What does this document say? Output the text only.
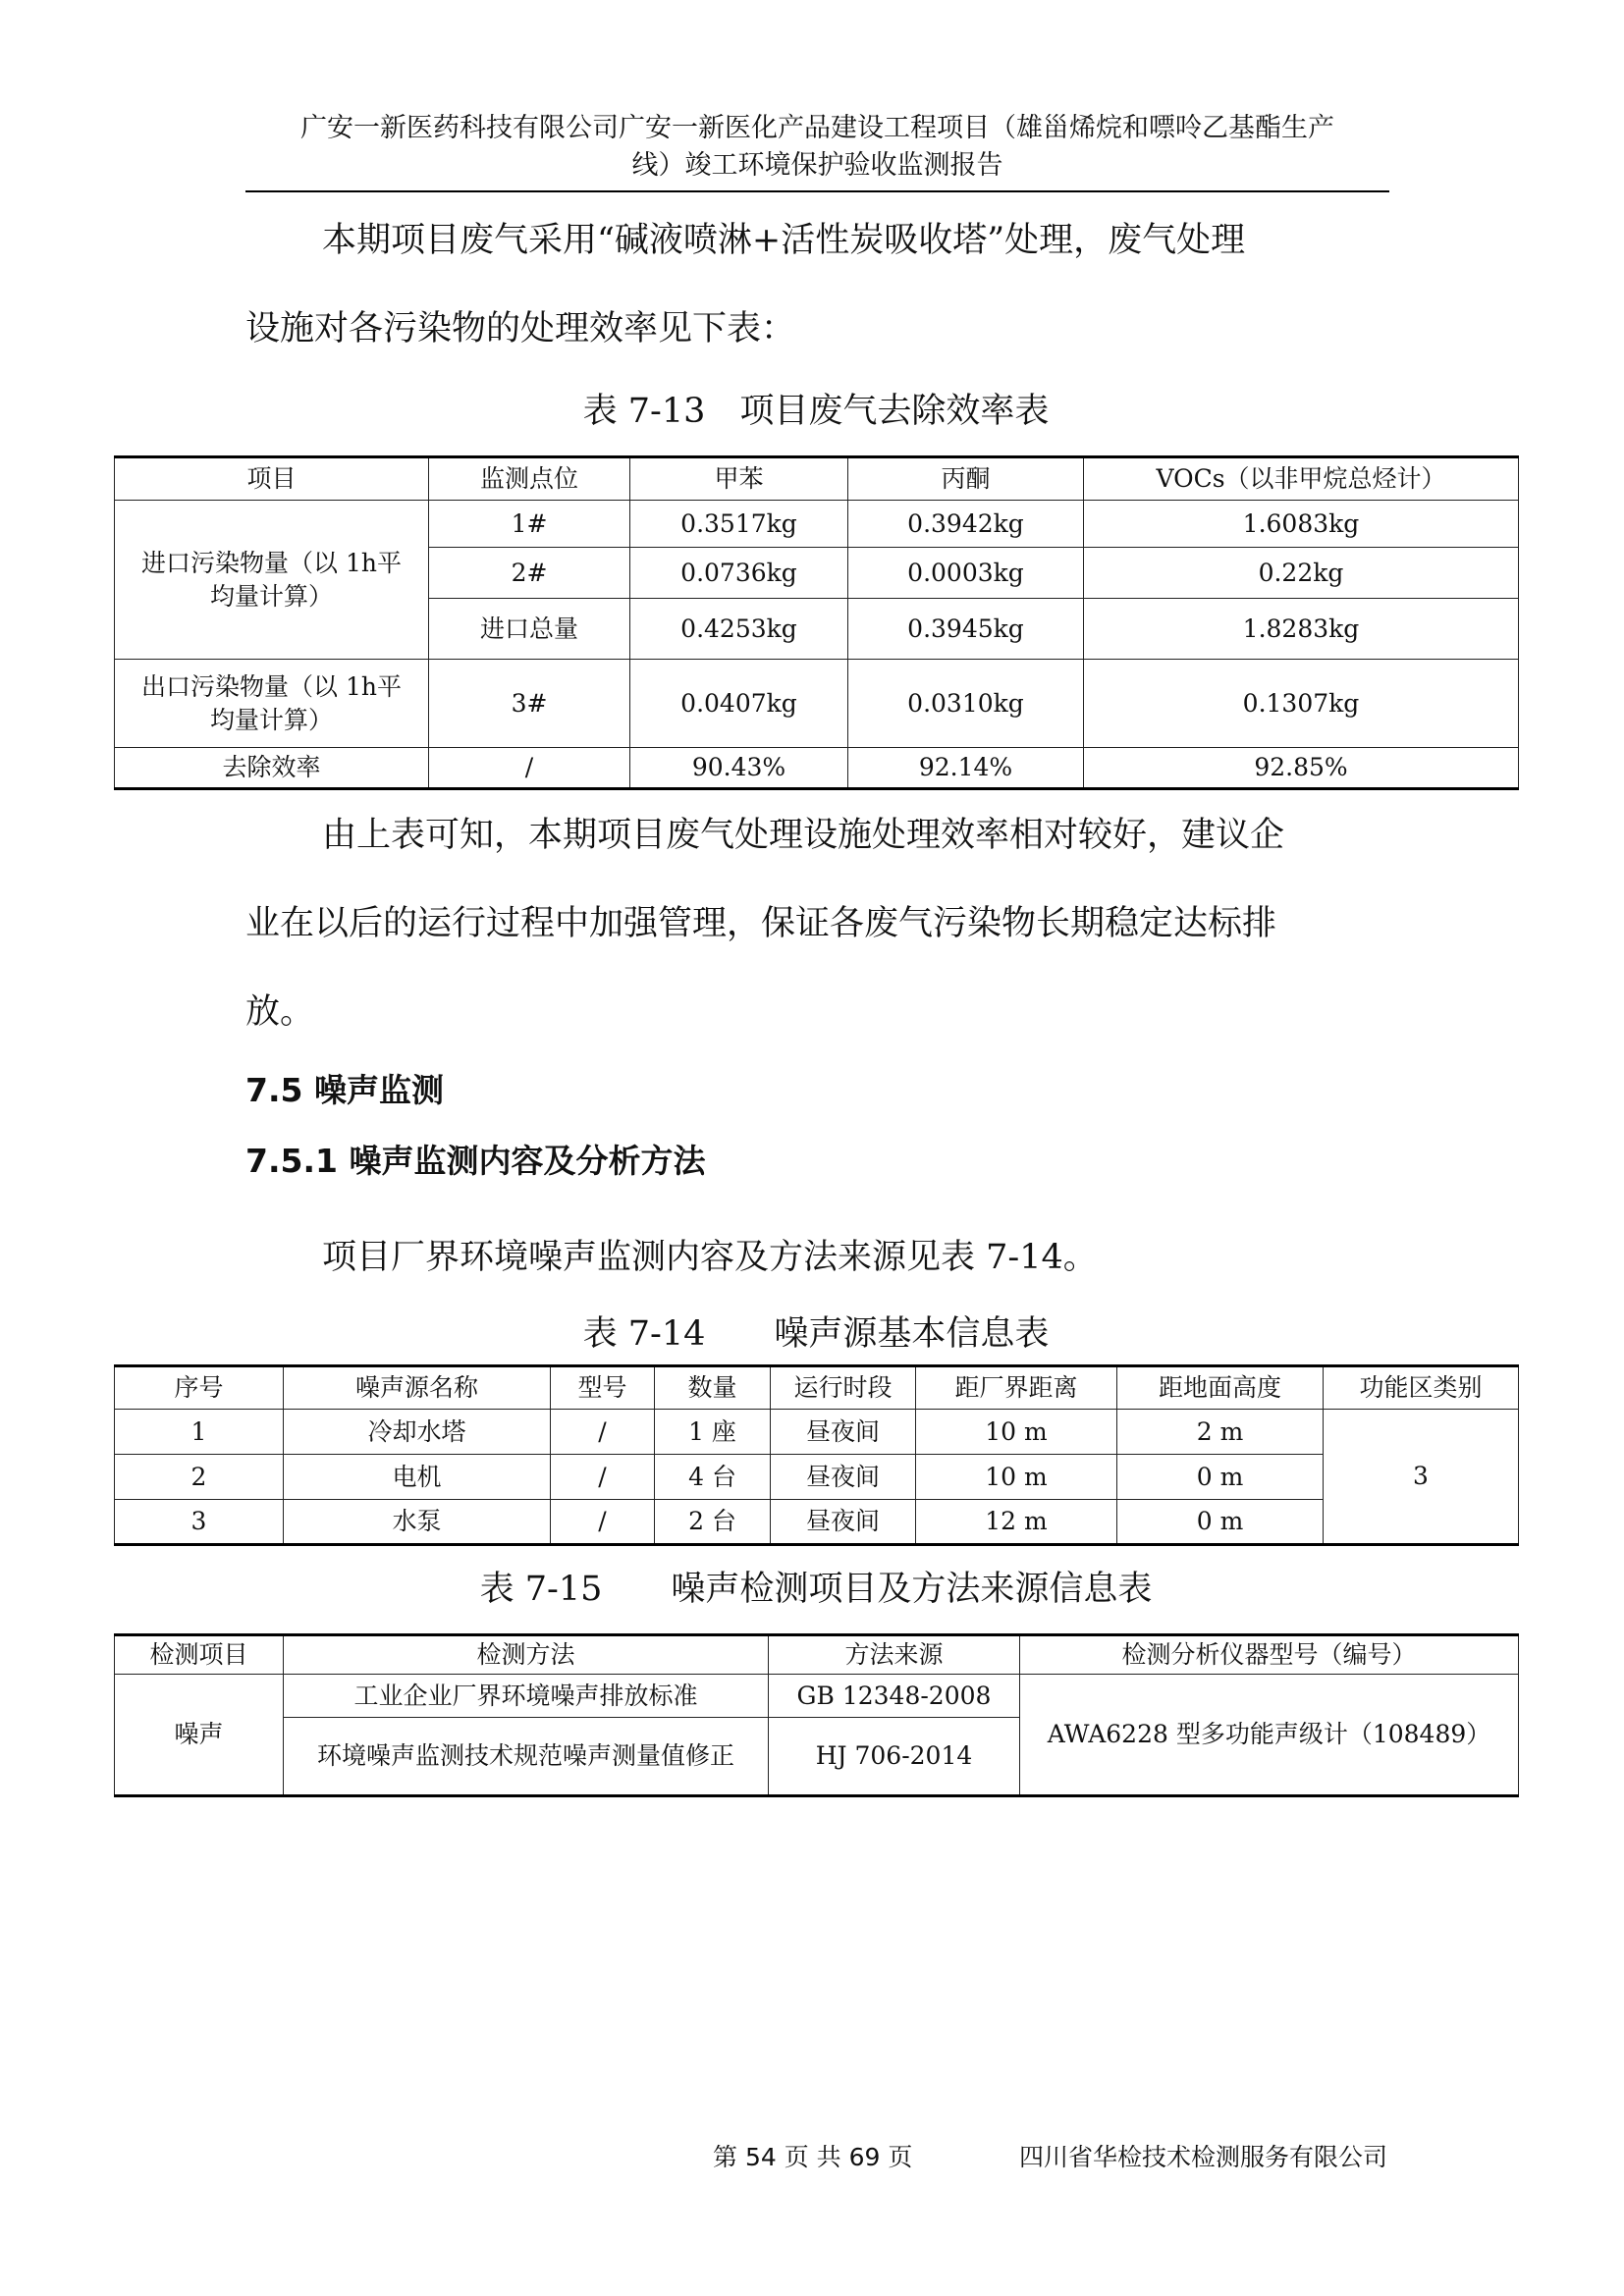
广安一新医药科技有限公司广安一新医化产品建设工程项目（雄甾烯烷和嘌呤乙基酯生产
线）竣工环境保护验收监测报告

本期项目废气采用“碱液喷淋+活性炭吸收塔”处理，废气处理
设施对各污染物的处理效率见下表：

表 7-13　项目废气去除效率表
项目	监测点位	甲苯	丙酮	VOCs（以非甲烷总烃计）
进口污染物量（以 1h平均量计算）	1#	0.3517kg	0.3942kg	1.6083kg
	2#	0.0736kg	0.0003kg	0.22kg
	进口总量	0.4253kg	0.3945kg	1.8283kg
出口污染物量（以 1h平均量计算）	3#	0.0407kg	0.0310kg	0.1307kg
去除效率	/	90.43%	92.14%	92.85%

由上表可知，本期项目废气处理设施处理效率相对较好，建议企
业在以后的运行过程中加强管理，保证各废气污染物长期稳定达标排
放。

7.5 噪声监测
7.5.1 噪声监测内容及分析方法

项目厂界环境噪声监测内容及方法来源见表 7-14。

表 7-14　　噪声源基本信息表
序号	噪声源名称	型号	数量	运行时段	距厂界距离	距地面高度	功能区类别
1	冷却水塔	/	1 座	昼夜间	10 m	2 m	3
2	电机	/	4 台	昼夜间	10 m	0 m	
3	水泵	/	2 台	昼夜间	12 m	0 m	
表 7-15　　噪声检测项目及方法来源信息表
检测项目	检测方法	方法来源	检测分析仪器型号（编号）
噪声	工业企业厂界环境噪声排放标准	GB 12348-2008	AWA6228 型多功能声级计（108489）
	环境噪声监测技术规范噪声测量值修正	HJ 706-2014	
第 54 页 共 69 页	四川省华检技术检测服务有限公司
